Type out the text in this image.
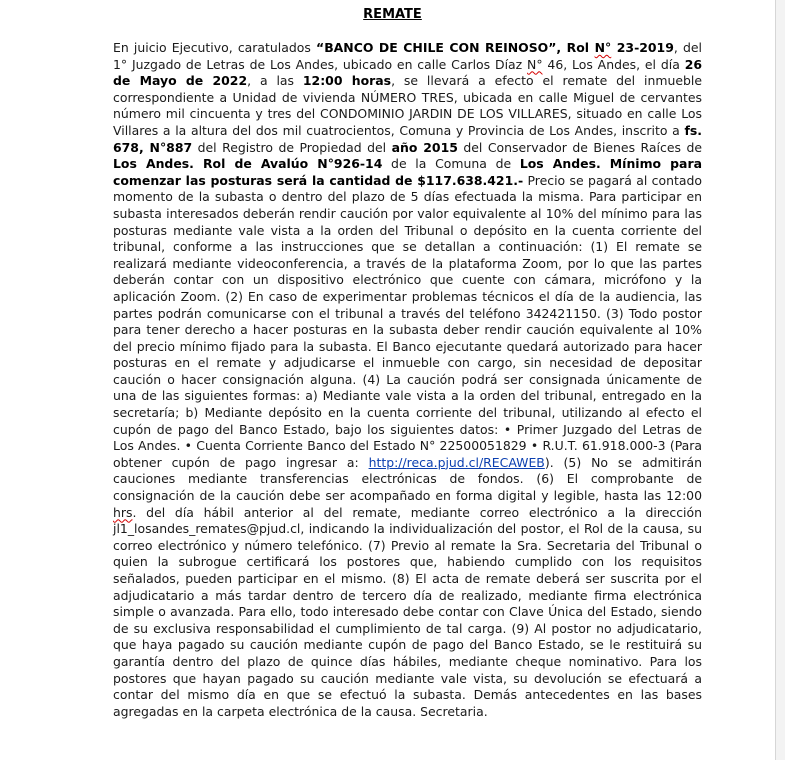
REMATE

En juicio Ejecutivo, caratulados “BANCO DE CHILE CON REINOSO”, Rol N° 23-2019, del 1° Juzgado de Letras de Los Andes, ubicado en calle Carlos Díaz N° 46, Los Andes, el día 26 de Mayo de 2022, a las 12:00 horas, se llevará a efecto el remate del inmueble correspondiente a Unidad de vivienda NÚMERO TRES, ubicada en calle Miguel de cervantes número mil cincuenta y tres del CONDOMINIO JARDIN DE LOS VILLARES, situado en calle Los Villares a la altura del dos mil cuatrocientos, Comuna y Provincia de Los Andes, inscrito a fs. 678, N°887 del Registro de Propiedad del año 2015 del Conservador de Bienes Raíces de Los Andes. Rol de Avalúo N°926-14 de la Comuna de Los Andes. Mínimo para comenzar las posturas será la cantidad de $117.638.421.- Precio se pagará al contado momento de la subasta o dentro del plazo de 5 días efectuada la misma. Para participar en subasta interesados deberán rendir caución por valor equivalente al 10% del mínimo para las posturas mediante vale vista a la orden del Tribunal o depósito en la cuenta corriente del tribunal, conforme a las instrucciones que se detallan a continuación: (1) El remate se realizará mediante videoconferencia, a través de la plataforma Zoom, por lo que las partes deberán contar con un dispositivo electrónico que cuente con cámara, micrófono y la aplicación Zoom. (2) En caso de experimentar problemas técnicos el día de la audiencia, las partes podrán comunicarse con el tribunal a través del teléfono 342421150. (3) Todo postor para tener derecho a hacer posturas en la subasta deber rendir caución equivalente al 10% del precio mínimo fijado para la subasta. El Banco ejecutante quedará autorizado para hacer posturas en el remate y adjudicarse el inmueble con cargo, sin necesidad de depositar caución o hacer consignación alguna. (4) La caución podrá ser consignada únicamente de una de las siguientes formas: a) Mediante vale vista a la orden del tribunal, entregado en la secretaría; b) Mediante depósito en la cuenta corriente del tribunal, utilizando al efecto el cupón de pago del Banco Estado, bajo los siguientes datos: • Primer Juzgado del Letras de Los Andes. • Cuenta Corriente Banco del Estado N° 22500051829 • R.U.T. 61.918.000-3 (Para obtener cupón de pago ingresar a: http://reca.pjud.cl/RECAWEB). (5) No se admitirán cauciones mediante transferencias electrónicas de fondos. (6) El comprobante de consignación de la caución debe ser acompañado en forma digital y legible, hasta las 12:00 hrs. del día hábil anterior al del remate, mediante correo electrónico a la dirección jl1_losandes_remates@pjud.cl, indicando la individualización del postor, el Rol de la causa, su correo electrónico y número telefónico. (7) Previo al remate la Sra. Secretaria del Tribunal o quien la subrogue certificará los postores que, habiendo cumplido con los requisitos señalados, pueden participar en el mismo. (8) El acta de remate deberá ser suscrita por el adjudicatario a más tardar dentro de tercero día de realizado, mediante firma electrónica simple o avanzada. Para ello, todo interesado debe contar con Clave Única del Estado, siendo de su exclusiva responsabilidad el cumplimiento de tal carga. (9) Al postor no adjudicatario, que haya pagado su caución mediante cupón de pago del Banco Estado, se le restituirá su garantía dentro del plazo de quince días hábiles, mediante cheque nominativo. Para los postores que hayan pagado su caución mediante vale vista, su devolución se efectuará a contar del mismo día en que se efectuó la subasta. Demás antecedentes en las bases agregadas en la carpeta electrónica de la causa. Secretaria.
